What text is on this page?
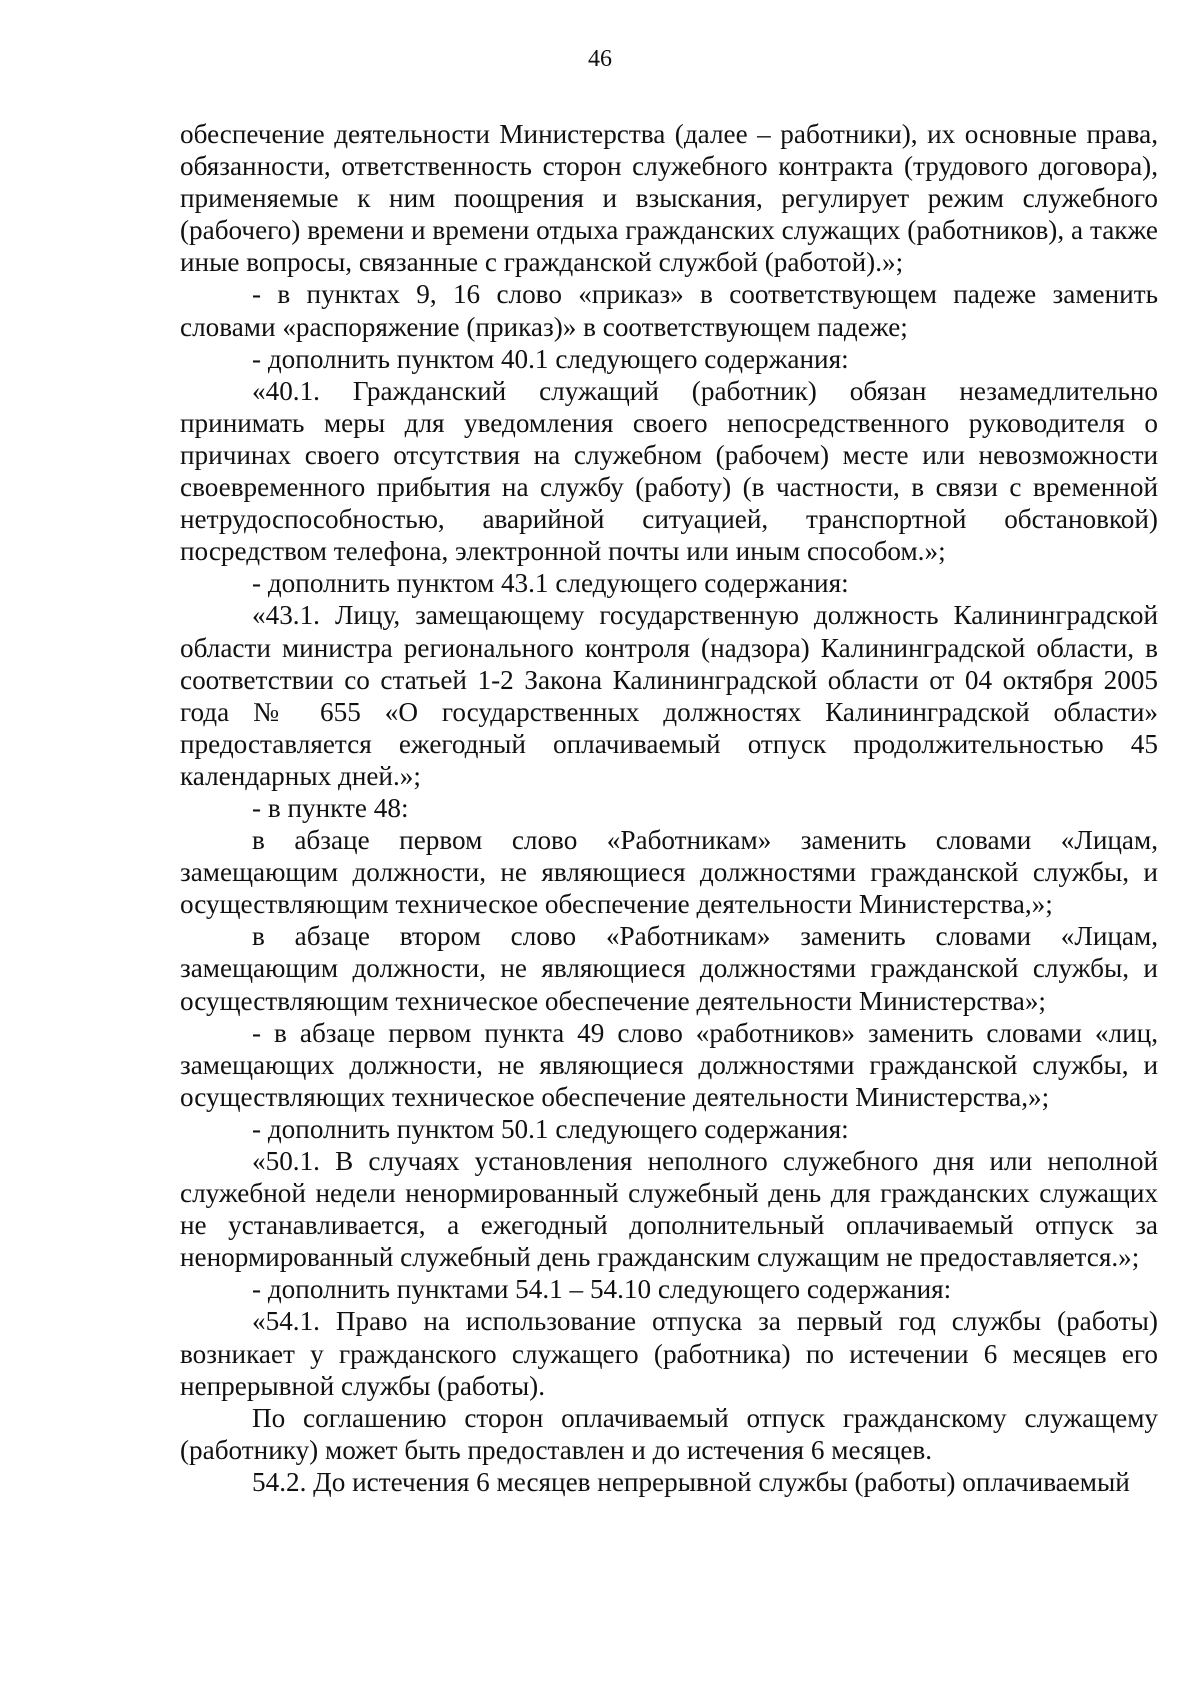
46

обеспечение деятельности Министерства (далее – работники), их основные права, обязанности, ответственность сторон служебного контракта (трудового договора), применяемые к ним поощрения и взыскания, регулирует режим служебного (рабочего) времени и времени отдыха гражданских служащих (работников), а также иные вопросы, связанные с гражданской службой (работой).»;

- в пунктах 9, 16 слово «приказ» в соответствующем падеже заменить словами «распоряжение (приказ)» в соответствующем падеже;

- дополнить пунктом 40.1 следующего содержания:

«40.1. Гражданский служащий (работник) обязан незамедлительно принимать меры для уведомления своего непосредственного руководителя о причинах своего отсутствия на служебном (рабочем) месте или невозможности своевременного прибытия на службу (работу) (в частности, в связи с временной нетрудоспособностью, аварийной ситуацией, транспортной обстановкой) посредством телефона, электронной почты или иным способом.»;

- дополнить пунктом 43.1 следующего содержания:

«43.1. Лицу, замещающему государственную должность Калининградской области министра регионального контроля (надзора) Калининградской области, в соответствии со статьей 1-2 Закона Калининградской области от 04 октября 2005 года № 655 «О государственных должностях Калининградской области» предоставляется ежегодный оплачиваемый отпуск продолжительностью 45 календарных дней.»;

- в пункте 48:

в абзаце первом слово «Работникам» заменить словами «Лицам, замещающим должности, не являющиеся должностями гражданской службы, и осуществляющим техническое обеспечение деятельности Министерства,»;

в абзаце втором слово «Работникам» заменить словами «Лицам, замещающим должности, не являющиеся должностями гражданской службы, и осуществляющим техническое обеспечение деятельности Министерства»;

- в абзаце первом пункта 49 слово «работников» заменить словами «лиц, замещающих должности, не являющиеся должностями гражданской службы, и осуществляющих техническое обеспечение деятельности Министерства,»;

- дополнить пунктом 50.1 следующего содержания:

«50.1. В случаях установления неполного служебного дня или неполной служебной недели ненормированный служебный день для гражданских служащих не устанавливается, а ежегодный дополнительный оплачиваемый отпуск за ненормированный служебный день гражданским служащим не предоставляется.»;

- дополнить пунктами 54.1 – 54.10 следующего содержания:

«54.1. Право на использование отпуска за первый год службы (работы) возникает у гражданского служащего (работника) по истечении 6 месяцев его непрерывной службы (работы).

По соглашению сторон оплачиваемый отпуск гражданскому служащему (работнику) может быть предоставлен и до истечения 6 месяцев.

54.2. До истечения 6 месяцев непрерывной службы (работы) оплачиваемый
